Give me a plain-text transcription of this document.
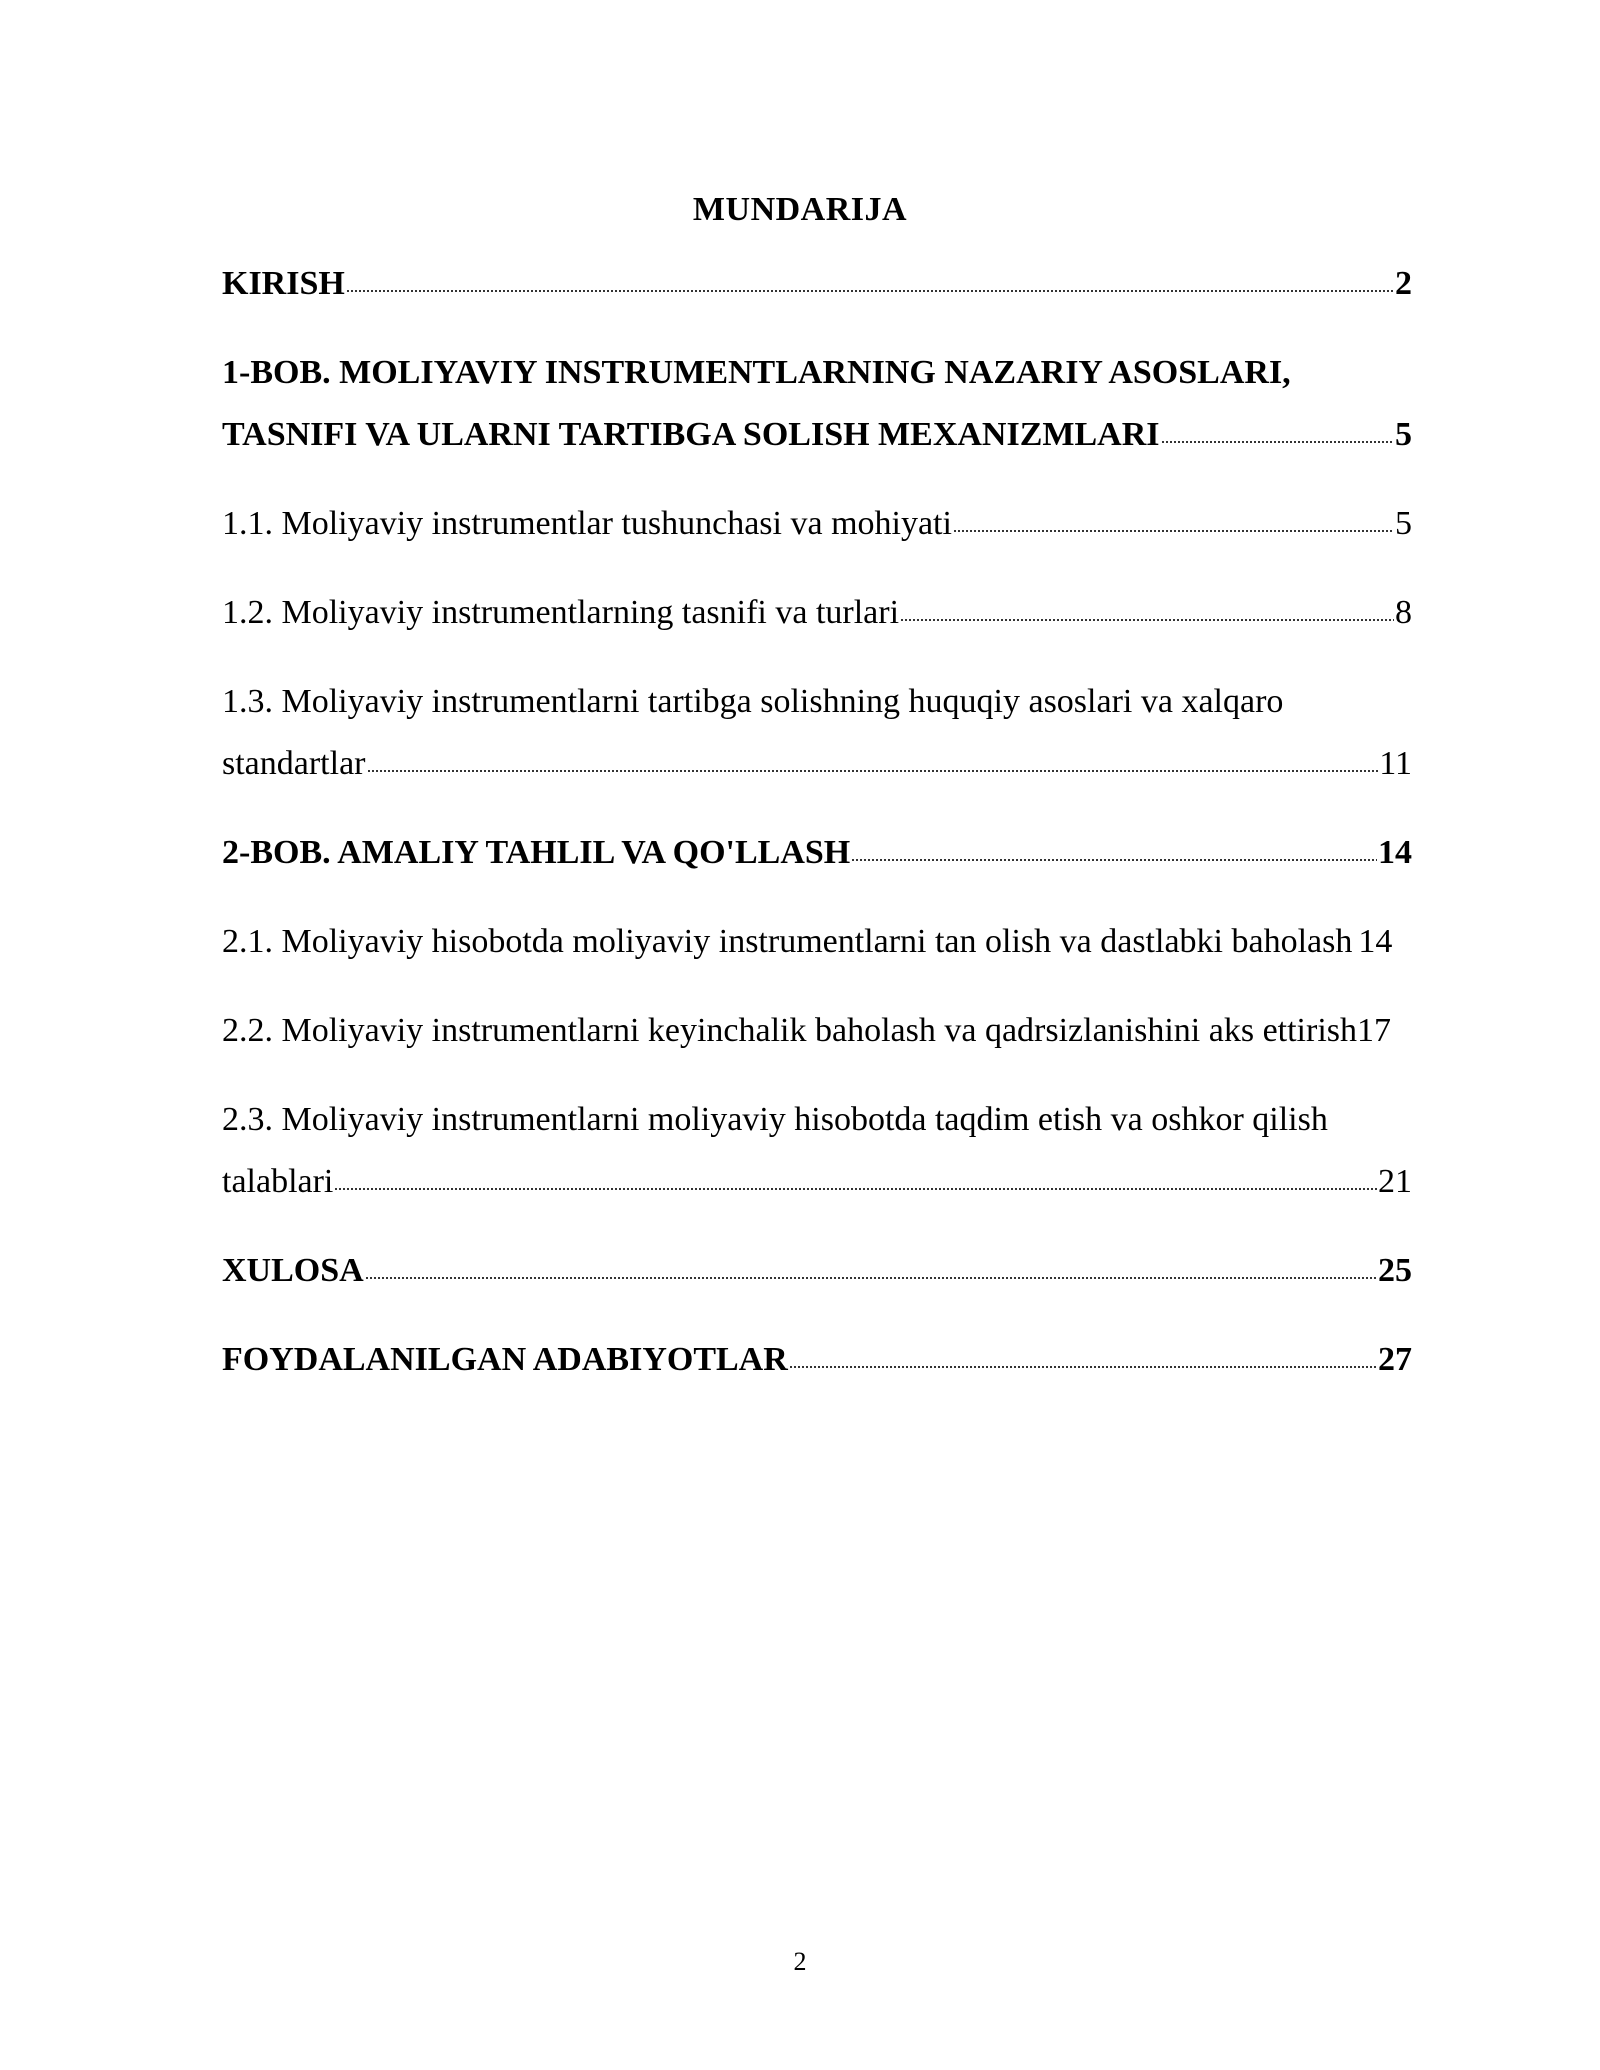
MUNDARIJA
KIRISH	2
1-BOB. MOLIYAVIY INSTRUMENTLARNING NAZARIY ASOSLARI,
TASNIFI VA ULARNI TARTIBGA SOLISH MEXANIZMLARI	5
1.1. Moliyaviy instrumentlar tushunchasi va mohiyati	5
1.2. Moliyaviy instrumentlarning tasnifi va turlari	8
1.3. Moliyaviy instrumentlarni tartibga solishning huquqiy asoslari va xalqaro
standartlar	11
2-BOB. AMALIY TAHLIL VA QO'LLASH	14
2.1. Moliyaviy hisobotda moliyaviy instrumentlarni tan olish va dastlabki baholash 14
2.2. Moliyaviy instrumentlarni keyinchalik baholash va qadrsizlanishini aks ettirish 17
2.3. Moliyaviy instrumentlarni moliyaviy hisobotda taqdim etish va oshkor qilish
talablari	21
XULOSA	25
FOYDALANILGAN ADABIYOTLAR	27
2
